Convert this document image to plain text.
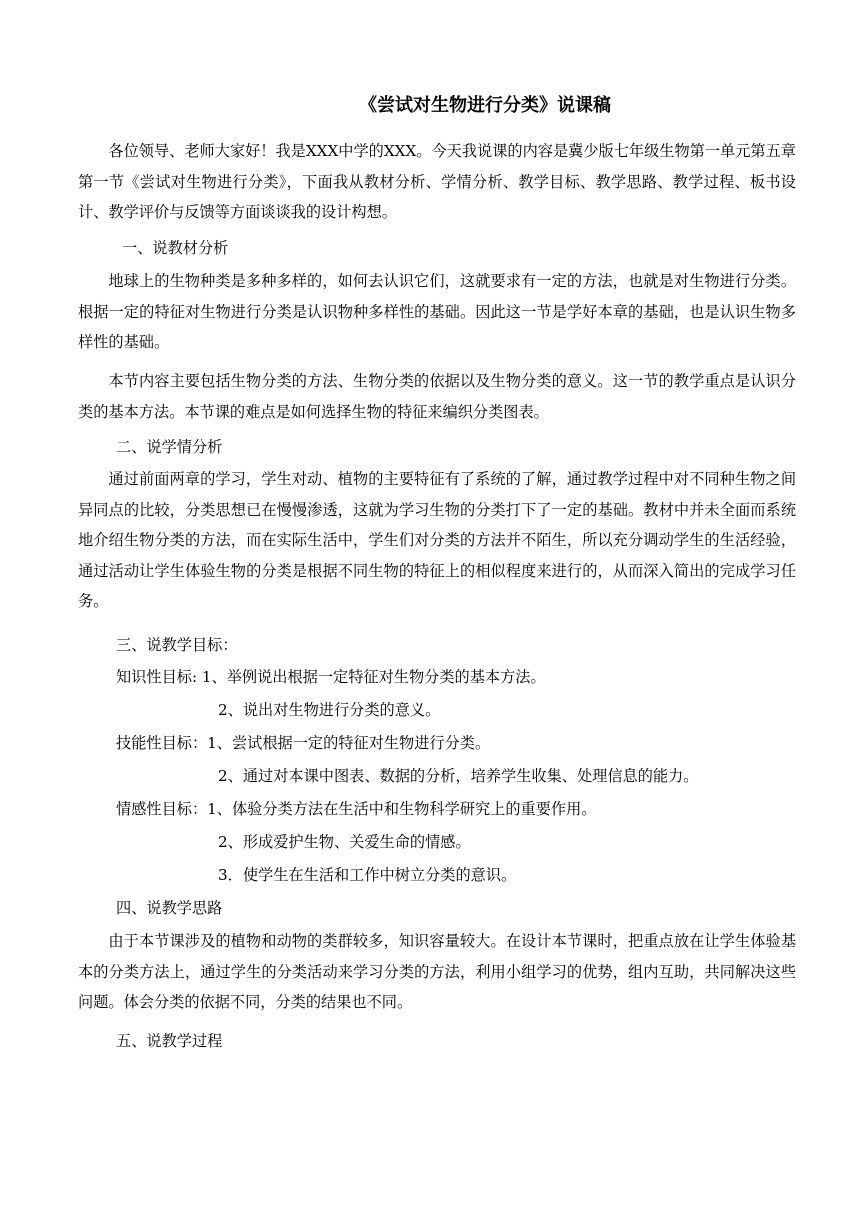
《尝试对生物进行分类》说课稿

各位领导、老师大家好！我是XXX中学的XXX。今天我说课的内容是冀少版七年级生物第一单元第五章第一节《尝试对生物进行分类》，下面我从教材分析、学情分析、教学目标、教学思路、教学过程、板书设计、教学评价与反馈等方面谈谈我的设计构想。

一、说教材分析

地球上的生物种类是多种多样的，如何去认识它们，这就要求有一定的方法，也就是对生物进行分类。根据一定的特征对生物进行分类是认识物种多样性的基础。因此这一节是学好本章的基础，也是认识生物多样性的基础。

本节内容主要包括生物分类的方法、生物分类的依据以及生物分类的意义。这一节的教学重点是认识分类的基本方法。本节课的难点是如何选择生物的特征来编织分类图表。

二、说学情分析

通过前面两章的学习，学生对动、植物的主要特征有了系统的了解，通过教学过程中对不同种生物之间异同点的比较，分类思想已在慢慢渗透，这就为学习生物的分类打下了一定的基础。教材中并未全面而系统地介绍生物分类的方法，而在实际生活中，学生们对分类的方法并不陌生，所以充分调动学生的生活经验，通过活动让学生体验生物的分类是根据不同生物的特征上的相似程度来进行的，从而深入简出的完成学习任务。

三、说教学目标：

知识性目标: 1、举例说出根据一定特征对生物分类的基本方法。

2、说出对生物进行分类的意义。

技能性目标：1、尝试根据一定的特征对生物进行分类。

2、通过对本课中图表、数据的分析，培养学生收集、处理信息的能力。

情感性目标：1、体验分类方法在生活中和生物科学研究上的重要作用。

2、形成爱护生物、关爱生命的情感。

3．使学生在生活和工作中树立分类的意识。

四、说教学思路

由于本节课涉及的植物和动物的类群较多，知识容量较大。在设计本节课时，把重点放在让学生体验基本的分类方法上，通过学生的分类活动来学习分类的方法，利用小组学习的优势，组内互助，共同解决这些问题。体会分类的依据不同，分类的结果也不同。

五、说教学过程
